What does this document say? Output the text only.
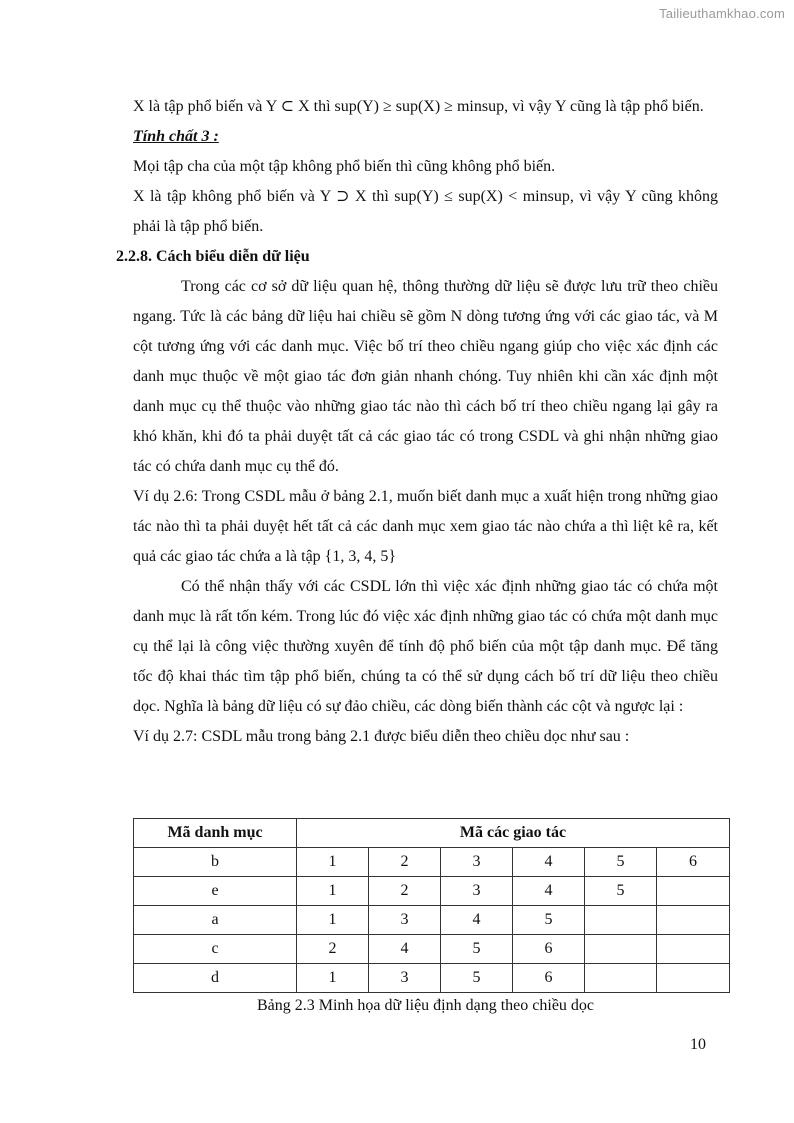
Tailieuthamkhao.com

X là tập phổ biến và Y ⊂ X thì sup(Y) ≥ sup(X) ≥ minsup, vì vậy Y cũng là tập phổ biến.

Tính chất 3 :

Mọi tập cha của một tập không phổ biến thì cũng không phổ biến.

X là tập không phổ biến và Y ⊃ X thì sup(Y) ≤ sup(X) < minsup, vì vậy Y cũng không phải là tập phổ biến.

2.2.8. Cách biểu diễn dữ liệu

Trong các cơ sở dữ liệu quan hệ, thông thường dữ liệu sẽ được lưu trữ theo chiều ngang. Tức là các bảng dữ liệu hai chiều sẽ gồm N dòng tương ứng với các giao tác, và M cột tương ứng với các danh mục. Việc bố trí theo chiều ngang giúp cho việc xác định các danh mục thuộc về một giao tác đơn giản nhanh chóng. Tuy nhiên khi cần xác định một danh mục cụ thể thuộc vào những giao tác nào thì cách bố trí theo chiều ngang lại gây ra khó khăn, khi đó ta phải duyệt tất cả các giao tác có trong CSDL và ghi nhận những giao tác có chứa danh mục cụ thể đó.

Ví dụ 2.6: Trong CSDL mẫu ở bảng 2.1, muốn biết danh mục a xuất hiện trong những giao tác nào thì ta phải duyệt hết tất cả các danh mục xem giao tác nào chứa a thì liệt kê ra, kết quả các giao tác chứa a là tập {1, 3, 4, 5}

Có thể nhận thấy với các CSDL lớn thì việc xác định những giao tác có chứa một danh mục là rất tốn kém. Trong lúc đó việc xác định những giao tác có chứa một danh mục cụ thể lại là công việc thường xuyên để tính độ phổ biến của một tập danh mục. Để tăng tốc độ khai thác tìm tập phổ biến, chúng ta có thể sử dụng cách bố trí dữ liệu theo chiều dọc. Nghĩa là bảng dữ liệu có sự đảo chiều, các dòng biến thành các cột và ngược lại :

Ví dụ 2.7: CSDL mẫu trong bảng 2.1 được biểu diễn theo chiều dọc như sau :

Mã danh mục	Mã các giao tác					
b	1	2	3	4	5	6
e	1	2	3	4	5	
a	1	3	4	5		
c	2	4	5	6		
d	1	3	5	6		
Bảng 2.3 Minh họa dữ liệu định dạng theo chiều dọc
10
